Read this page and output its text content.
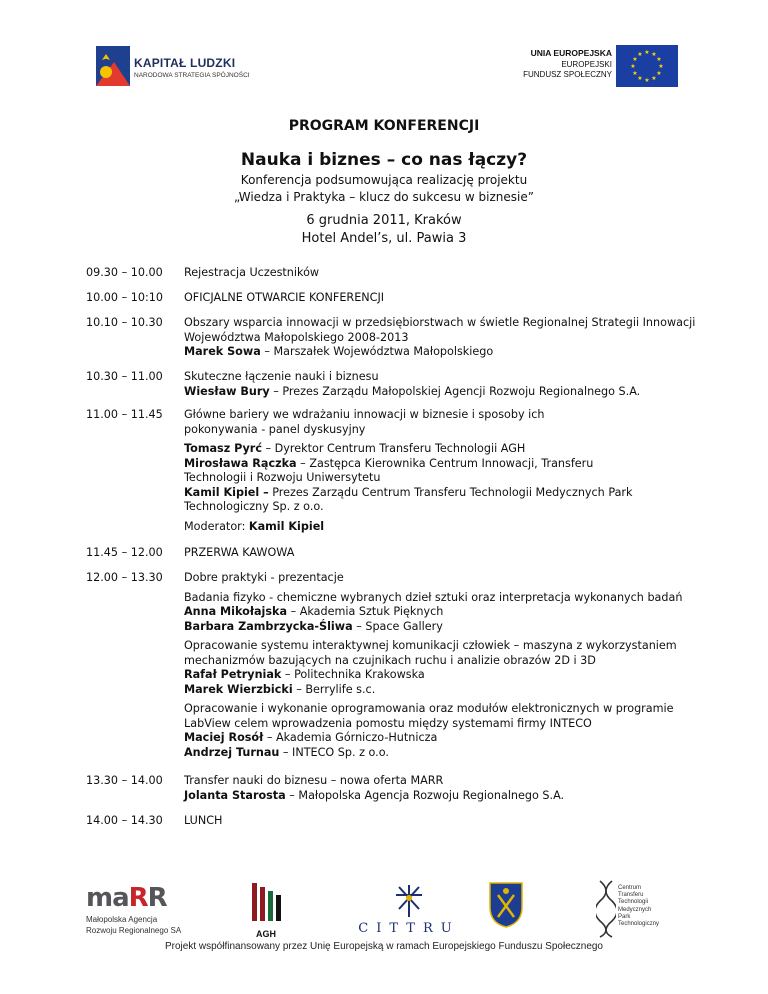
KAPITAŁ LUDZKI
NARODOWA STRATEGIA SPÓJNOŚCI
UNIA EUROPEJSKA
EUROPEJSKI
FUNDUSZ SPOŁECZNY
★ ★
★
★
★
★
★
★
★
★
★
★
PROGRAM KONFERENCJI
Nauka i biznes – co nas łączy?
Konferencja podsumowująca realizację projektu
„Wiedza i Praktyka – klucz do sukcesu w biznesie”
6 grudnia 2011, Kraków
Hotel Andel’s, ul. Pawia 3
09.30 – 10.00	Rejestracja Uczestników

10.00 – 10:10	OFICJALNE OTWARCIE KONFERENCJI

10.10 – 10.30	Obszary wsparcia innowacji w przedsiębiorstwach w świetle Regionalnej Strategii Innowacji

Województwa Małopolskiego 2008-2013

Marek Sowa – Marszałek Województwa Małopolskiego

10.30 – 11.00	Skuteczne łączenie nauki i biznesu

Wiesław Bury – Prezes Zarządu Małopolskiej Agencji Rozwoju Regionalnego S.A.

11.00 – 11.45	Główne bariery we wdrażaniu innowacji w biznesie i sposoby ich

pokonywania - panel dyskusyjny

Tomasz Pyrć – Dyrektor Centrum Transferu Technologii AGH

Mirosława Rączka – Zastępca Kierownika Centrum Innowacji, Transferu

Technologii i Rozwoju Uniwersytetu

Kamil Kipiel – Prezes Zarządu Centrum Transferu Technologii Medycznych Park

Technologiczny Sp. z o.o.

Moderator: Kamil Kipiel

11.45 – 12.00	PRZERWA KAWOWA

12.00 – 13.30	Dobre praktyki - prezentacje

Badania fizyko - chemiczne wybranych dzieł sztuki oraz interpretacja wykonanych badań

Anna Mikołajska – Akademia Sztuk Pięknych

Barbara Zambrzycka-Śliwa – Space Gallery

Opracowanie systemu interaktywnej komunikacji człowiek – maszyna z wykorzystaniem

mechanizmów bazujących na czujnikach ruchu i analizie obrazów 2D i 3D

Rafał Petryniak – Politechnika Krakowska

Marek Wierzbicki – Berrylife s.c.

Opracowanie i wykonanie oprogramowania oraz modułów elektronicznych w programie

LabView celem wprowadzenia pomostu między systemami firmy INTECO

Maciej Rosół – Akademia Górniczo-Hutnicza

Andrzej Turnau – INTECO Sp. z o.o.

13.30 – 14.00	Transfer nauki do biznesu – nowa oferta MARR

Jolanta Starosta – Małopolska Agencja Rozwoju Regionalnego S.A.

14.00 – 14.30	LUNCH

maRR
Małopolska Agencja
Rozwoju Regionalnego SA	AGH	CITTRU
Centrum
Transferu
Technologii
Medycznych
Park
Technologiczny
Projekt współfinansowany przez Unię Europejską w ramach Europejskiego Funduszu Społecznego
